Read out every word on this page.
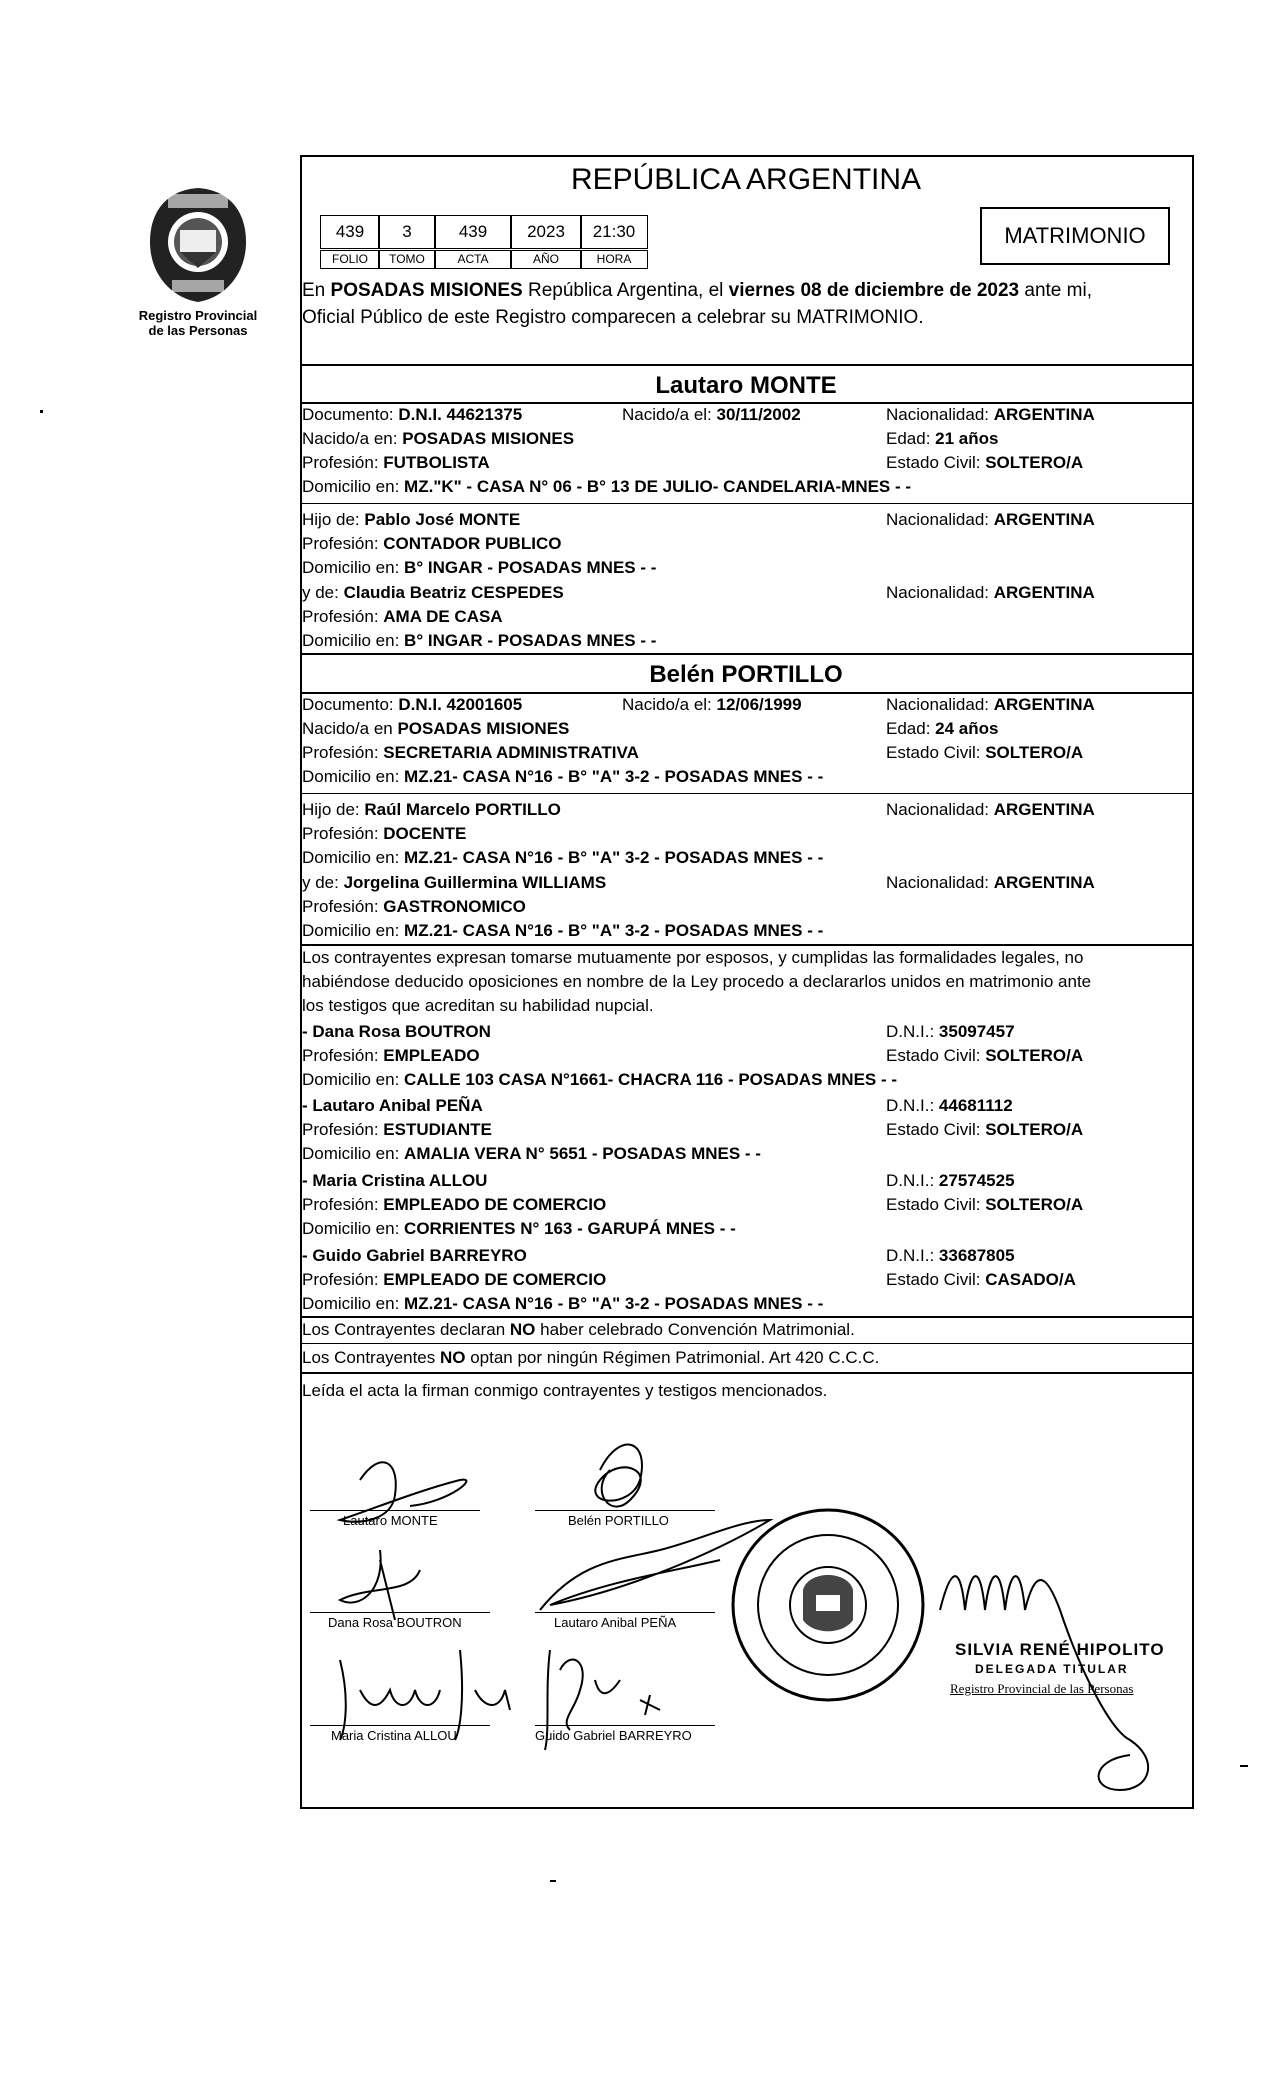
Registro Provincial
de las Personas
REPÚBLICA ARGENTINA
439	3	439	2023	21:30
FOLIO	TOMO	ACTA	AÑO	HORA
MATRIMONIO
En POSADAS MISIONES República Argentina, el viernes 08 de diciembre de 2023 ante mi,
Oficial Público de este Registro comparecen a celebrar su MATRIMONIO.
Lautaro MONTE
Documento: D.N.I. 44621375	Nacido/a el: 30/11/2002	Nacionalidad: ARGENTINA
Nacido/a en: POSADAS MISIONES	Edad: 21 años
Profesión: FUTBOLISTA	Estado Civil: SOLTERO/A
Domicilio en: MZ."K" - CASA N° 06 - B° 13 DE JULIO- CANDELARIA-MNES - -
Hijo de: Pablo José MONTE	Nacionalidad: ARGENTINA
Profesión: CONTADOR PUBLICO
Domicilio en: B° INGAR - POSADAS MNES - -
y de: Claudia Beatriz CESPEDES	Nacionalidad: ARGENTINA
Profesión: AMA DE CASA
Domicilio en: B° INGAR - POSADAS MNES - -
Belén PORTILLO
Documento: D.N.I. 42001605	Nacido/a el: 12/06/1999	Nacionalidad: ARGENTINA
Nacido/a en POSADAS MISIONES	Edad: 24 años
Profesión: SECRETARIA ADMINISTRATIVA	Estado Civil: SOLTERO/A
Domicilio en: MZ.21- CASA N°16 - B° "A" 3-2 - POSADAS MNES - -
Hijo de: Raúl Marcelo PORTILLO	Nacionalidad: ARGENTINA
Profesión: DOCENTE
Domicilio en: MZ.21- CASA N°16 - B° "A" 3-2 - POSADAS MNES - -
y de: Jorgelina Guillermina WILLIAMS	Nacionalidad: ARGENTINA
Profesión: GASTRONOMICO
Domicilio en: MZ.21- CASA N°16 - B° "A" 3-2 - POSADAS MNES - -
Los contrayentes expresan tomarse mutuamente por esposos, y cumplidas las formalidades legales, no
habiéndose deducido oposiciones en nombre de la Ley procedo a declararlos unidos en matrimonio ante
los testigos que acreditan su habilidad nupcial.
- Dana Rosa BOUTRON	D.N.I.: 35097457
Profesión: EMPLEADO	Estado Civil: SOLTERO/A
Domicilio en: CALLE 103 CASA N°1661- CHACRA 116 - POSADAS MNES - -
- Lautaro Anibal PEÑA	D.N.I.: 44681112
Profesión: ESTUDIANTE	Estado Civil: SOLTERO/A
Domicilio en: AMALIA VERA N° 5651 - POSADAS MNES - -
- Maria Cristina ALLOU	D.N.I.: 27574525
Profesión: EMPLEADO DE COMERCIO	Estado Civil: SOLTERO/A
Domicilio en: CORRIENTES N° 163 - GARUPÁ MNES - -
- Guido Gabriel BARREYRO	D.N.I.: 33687805
Profesión: EMPLEADO DE COMERCIO	Estado Civil: CASADO/A
Domicilio en: MZ.21- CASA N°16 - B° "A" 3-2 - POSADAS MNES - -
Los Contrayentes declaran NO haber celebrado Convención Matrimonial.
Los Contrayentes NO optan por ningún Régimen Patrimonial. Art 420 C.C.C.
Leída el acta la firman conmigo contrayentes y testigos mencionados.
Lautaro MONTE	Belén PORTILLO
Dana Rosa BOUTRON	Lautaro Anibal PEÑA
Maria Cristina ALLOU	Guido Gabriel BARREYRO
SILVIA RENÉ HIPOLITO
DELEGADA TITULAR
Registro Provincial de las Personas
